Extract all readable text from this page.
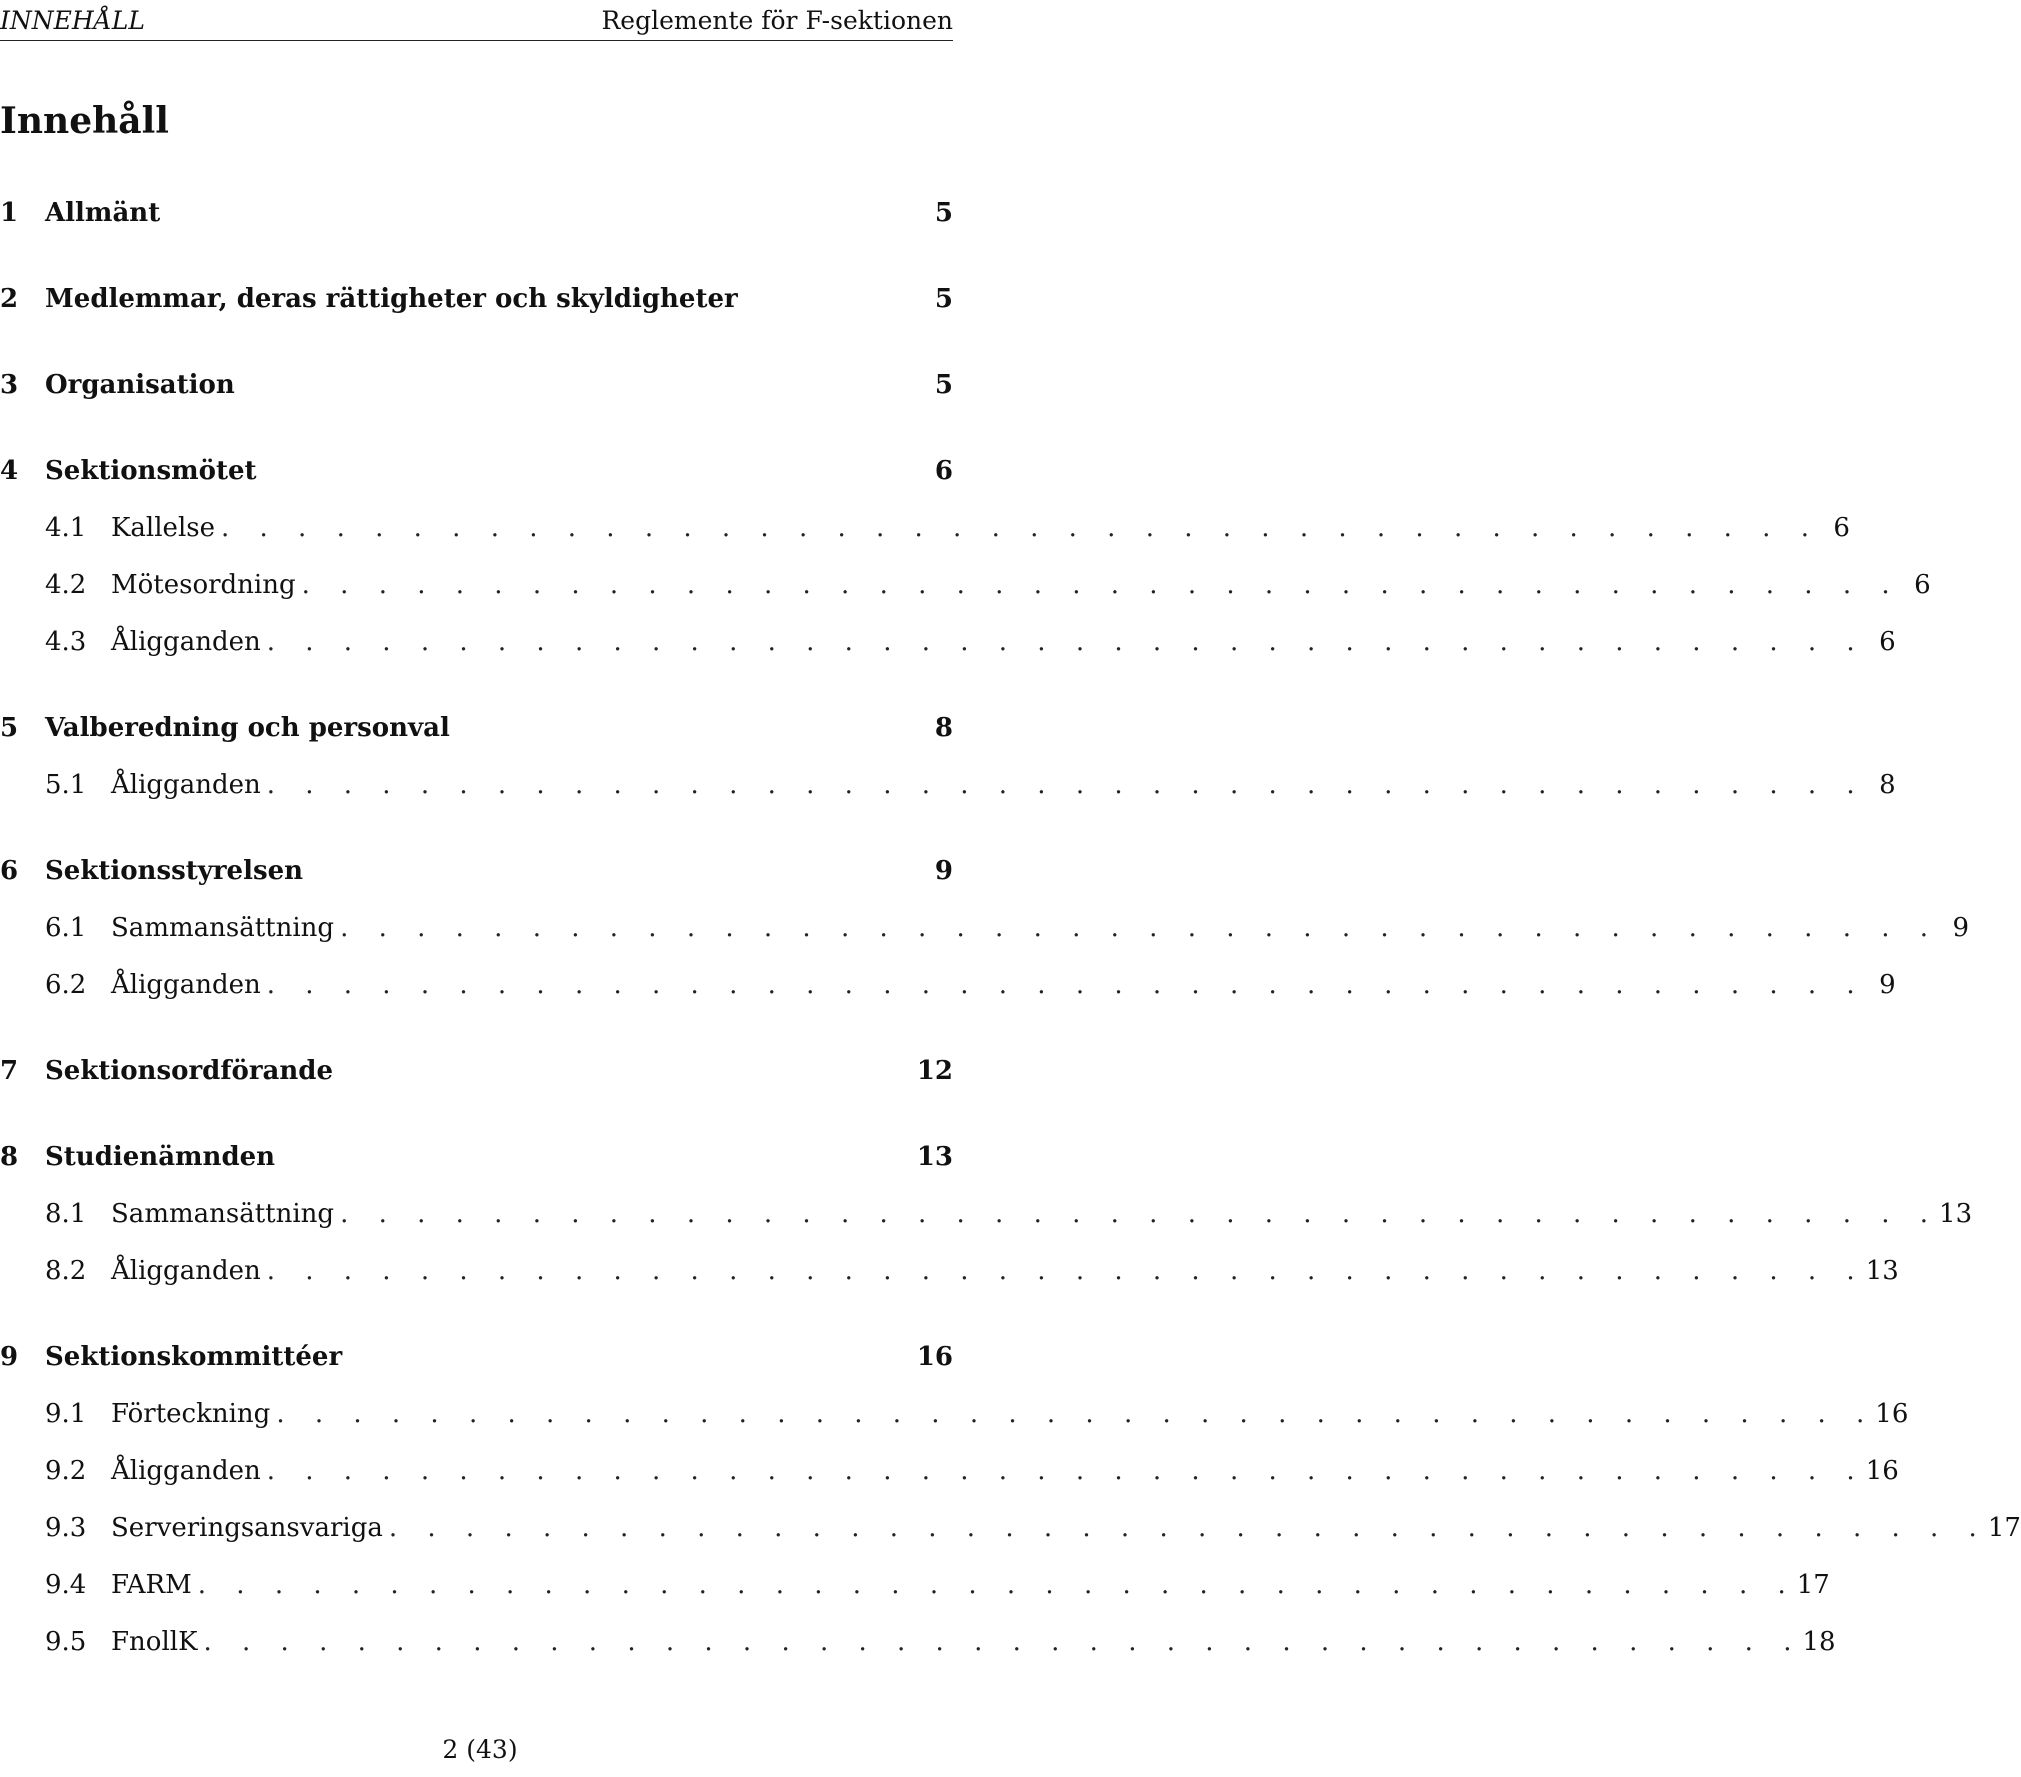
INNEHÅLL	Reglemente för F-sektionen
Innehåll
1	Allmänt	5
2	Medlemmar, deras rättigheter och skyldigheter	5
3	Organisation	5
4	Sektionsmötet	6
4.1 Kallelse . . . . . . . . . . . . . . . . . . . . . . . . . . . . . . . . . . . . . . . . . . 6
4.2 Mötesordning . . . . . . . . . . . . . . . . . . . . . . . . . . . . . . . . . . . . . . . . . . 6
4.3 Åligganden . . . . . . . . . . . . . . . . . . . . . . . . . . . . . . . . . . . . . . . . . . 6
5	Valberedning och personval	8
5.1 Åligganden . . . . . . . . . . . . . . . . . . . . . . . . . . . . . . . . . . . . . . . . . . 8
6	Sektionsstyrelsen	9
6.1 Sammansättning . . . . . . . . . . . . . . . . . . . . . . . . . . . . . . . . . . . . . . . . . . 9
6.2 Åligganden . . . . . . . . . . . . . . . . . . . . . . . . . . . . . . . . . . . . . . . . . . 9
7	Sektionsordförande	12
8	Studienämnden	13
8.1 Sammansättning . . . . . . . . . . . . . . . . . . . . . . . . . . . . . . . . . . . . . . . . . . 13
8.2 Åligganden . . . . . . . . . . . . . . . . . . . . . . . . . . . . . . . . . . . . . . . . . . 13
9	Sektionskommittéer	16
9.1 Förteckning . . . . . . . . . . . . . . . . . . . . . . . . . . . . . . . . . . . . . . . . . . 16
9.2 Åligganden . . . . . . . . . . . . . . . . . . . . . . . . . . . . . . . . . . . . . . . . . . 16
9.3 Serveringsansvariga . . . . . . . . . . . . . . . . . . . . . . . . . . . . . . . . . . . . . . . . . . 17
9.4 FARM . . . . . . . . . . . . . . . . . . . . . . . . . . . . . . . . . . . . . . . . . . 17
9.5 FnollK . . . . . . . . . . . . . . . . . . . . . . . . . . . . . . . . . . . . . . . . . . 18
2 (43)
